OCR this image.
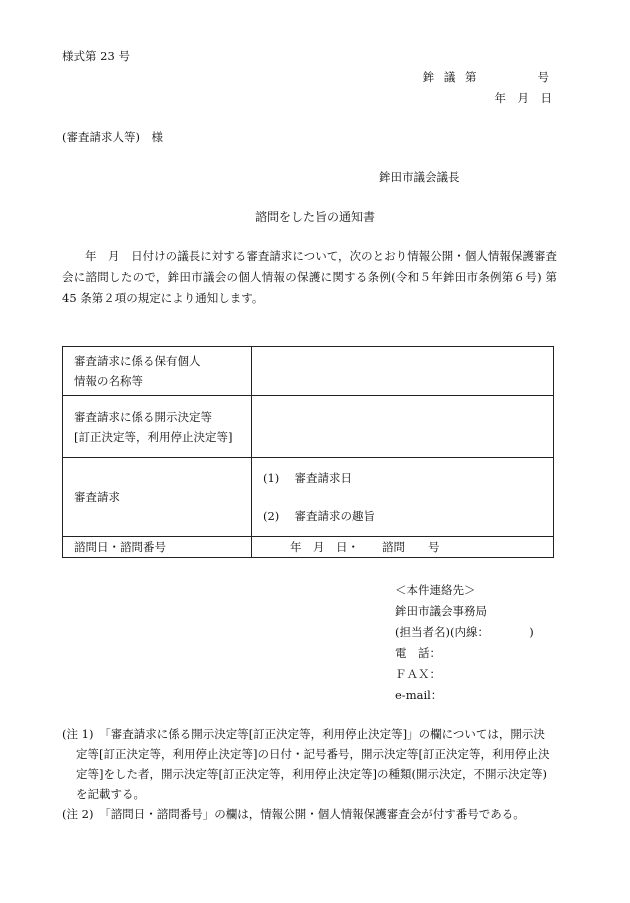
様式第 23 号
鉾 議 第　　　　号
年　月　日
(審査請求人等)　様
鉾田市議会議長
諮問をした旨の通知書
年　月　日付けの議長に対する審査請求について，次のとおり情報公開・個人情報保護審査会に諮問したので，鉾田市議会の個人情報の保護に関する条例(令和５年鉾田市条例第６号) 第 45 条第２項の規定により通知します。
審査請求に係る保有個人
情報の名称等	

審査請求に係る開示決定等
[訂正決定等，利用停止決定等]	

審査請求	(1)　 審査請求日
(2)　 審査請求の趣旨

諮問日・諮問番号	年　月　日・　　諮問　　号
＜本件連絡先＞
鉾田市議会事務局
(担当者名)(内線：　　　　)
電　話：
ＦＡＸ：
e-mail：
(注 1)　「審査請求に係る開示決定等[訂正決定等，利用停止決定等]」の欄については，開示決定等[訂正決定等，利用停止決定等]の日付・記号番号，開示決定等[訂正決定等，利用停止決定等]をした者，開示決定等[訂正決定等，利用停止決定等]の種類(開示決定，不開示決定等)を記載する。
(注 2)　「諮問日・諮問番号」の欄は，情報公開・個人情報保護審査会が付す番号である。
